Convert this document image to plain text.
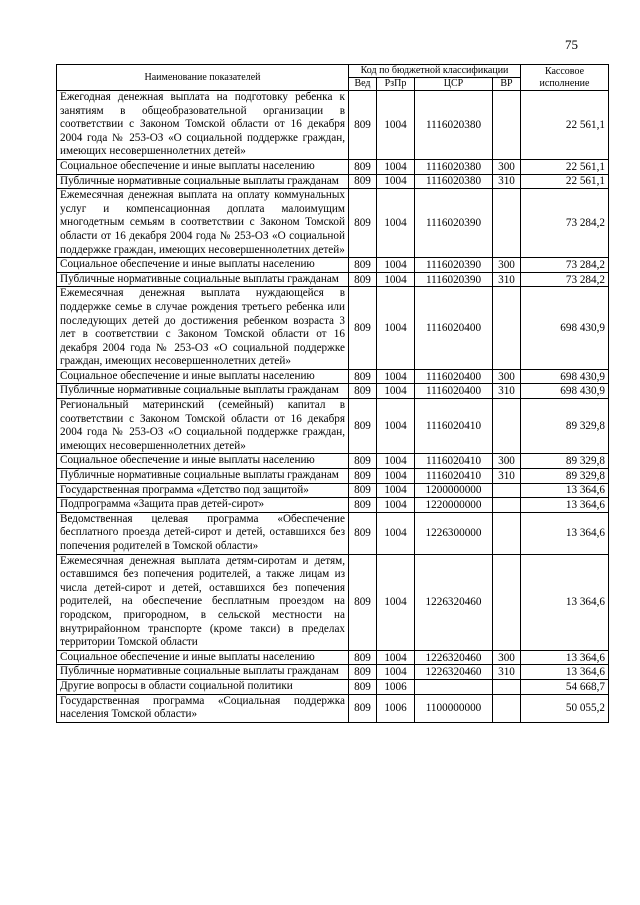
75
Наименование показателей	Код по бюджетной классификации				Кассовое исполнение
	Вед	РзПр	ЦСР	ВР	
Ежегодная денежная выплата на подготовку ребенка к занятиям в общеобразовательной организации в соответствии с Законом Томской области от 16 декабря 2004 года № 253-ОЗ «О социальной поддержке граждан, имеющих несовершеннолетних детей»	809	1004	1116020380		22 561,1
Социальное обеспечение и иные выплаты населению	809	1004	1116020380	300	22 561,1
Публичные нормативные социальные выплаты гражданам	809	1004	1116020380	310	22 561,1
Ежемесячная денежная выплата на оплату коммунальных услуг и компенсационная доплата малоимущим многодетным семьям в соответствии с Законом Томской области от 16 декабря 2004 года № 253-ОЗ «О социальной поддержке граждан, имеющих несовершеннолетних детей»	809	1004	1116020390		73 284,2
Социальное обеспечение и иные выплаты населению	809	1004	1116020390	300	73 284,2
Публичные нормативные социальные выплаты гражданам	809	1004	1116020390	310	73 284,2
Ежемесячная денежная выплата нуждающейся в поддержке семье в случае рождения третьего ребенка или последующих детей до достижения ребенком возраста 3 лет в соответствии с Законом Томской области от 16 декабря 2004 года № 253-ОЗ «О социальной поддержке граждан, имеющих несовершеннолетних детей»	809	1004	1116020400		698 430,9
Социальное обеспечение и иные выплаты населению	809	1004	1116020400	300	698 430,9
Публичные нормативные социальные выплаты гражданам	809	1004	1116020400	310	698 430,9
Региональный материнский (семейный) капитал в соответствии с Законом Томской области от 16 декабря 2004 года № 253-ОЗ «О социальной поддержке граждан, имеющих несовершеннолетних детей»	809	1004	1116020410		89 329,8
Социальное обеспечение и иные выплаты населению	809	1004	1116020410	300	89 329,8
Публичные нормативные социальные выплаты гражданам	809	1004	1116020410	310	89 329,8
Государственная программа «Детство под защитой»	809	1004	1200000000		13 364,6
Подпрограмма «Защита прав детей-сирот»	809	1004	1220000000		13 364,6
Ведомственная целевая программа «Обеспечение бесплатного проезда детей-сирот и детей, оставшихся без попечения родителей в Томской области»	809	1004	1226300000		13 364,6
Ежемесячная денежная выплата детям-сиротам и детям, оставшимся без попечения родителей, а также лицам из числа детей-сирот и детей, оставшихся без попечения родителей, на обеспечение бесплатным проездом на городском, пригородном, в сельской местности на внутрирайонном транспорте (кроме такси) в пределах территории Томской области	809	1004	1226320460		13 364,6
Социальное обеспечение и иные выплаты населению	809	1004	1226320460	300	13 364,6
Публичные нормативные социальные выплаты гражданам	809	1004	1226320460	310	13 364,6
Другие вопросы в области социальной политики	809	1006			54 668,7
Государственная программа «Социальная поддержка населения Томской области»	809	1006	1100000000		50 055,2
